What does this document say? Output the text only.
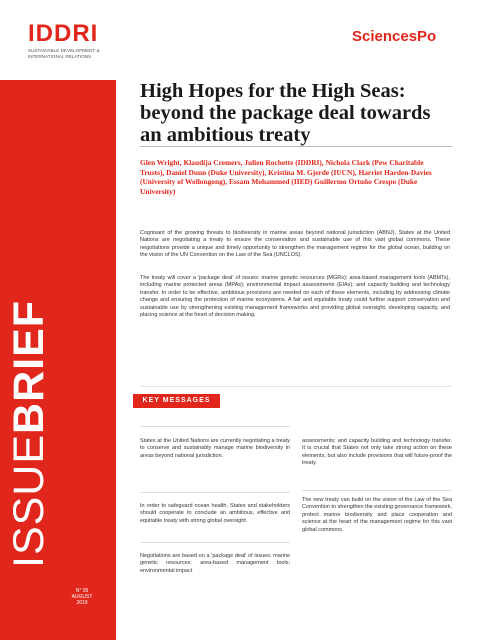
IDDRI
SUSTAINABLE DEVELOPMENT & INTERNATIONAL RELATIONS
ISSUEBRIEF
N° 05
AUGUST
2019
SciencesPo
High Hopes for the High Seas: beyond the package deal towards an ambitious treaty

Glen Wright, Klaudija Cremers, Julien Rochette (IDDRI), Nichola Clark (Pew Charitable Trusts), Daniel Dunn (Duke University), Kristina M. Gjerde (IUCN), Harriet Harden-Davies (University of Wollongong), Essam Mohammed (IIED) Guillermo Ortuño Crespo (Duke University)

Cognisant of the growing threats to biodiversity in marine areas beyond national jurisdiction (ABNJ), States at the United Nations are negotiating a treaty to ensure the conservation and sustainable use of this vast global commons. These negotiations provide a unique and timely opportunity to strengthen the management regime for the global ocean, building on the vision of the UN Convention on the Law of the Sea (UNCLOS).

The treaty will cover a 'package deal' of issues: marine genetic resources (MGRs); area-based management tools (ABMTs), including marine protected areas (MPAs); environmental impact assessments (EIAs); and capacity building and technology transfer. In order to be effective, ambitious provisions are needed on each of these elements, including by addressing climate change and ensuring the protection of marine ecosystems. A fair and equitable treaty could further support conservation and sustainable use by strengthening existing management frameworks and providing global oversight, developing capacity, and placing science at the heart of decision making.

KEY MESSAGES

States at the United Nations are currently negotiating a treaty to conserve and sustainably manage marine biodiversity in areas beyond national jurisdiction.

In order to safeguard ocean health, States and stakeholders should cooperate to conclude an ambitious, effective and equitable treaty with strong global oversight.

Negotiations are based on a 'package deal' of issues: marine genetic resources; area-based management tools; environmental impact

assessments; and capacity building and technology transfer. It is crucial that States not only take strong action on these elements, but also include provisions that will future-proof the treaty.

The new treaty can build on the vision of the Law of the Sea Convention to strengthen the existing governance framework, protect marine biodiversity and place cooperation and science at the heart of the management regime for this vast global commons.
